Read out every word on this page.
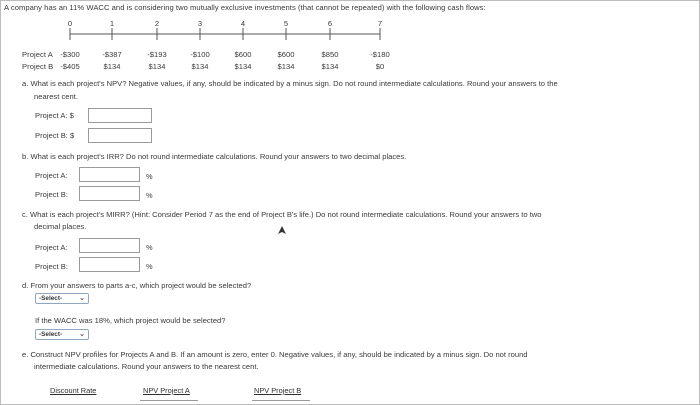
A company has an 11% WACC and is considering two mutually exclusive investments (that cannot be repeated) with the following cash flows:
0	1	2	3	4	5	6	7
Project A -$300	-$387	-$193	-$100	$600	$600	$850	-$180
Project B -$405	$134	$134	$134	$134	$134	$134	$0
a. What is each project's NPV? Negative values, if any, should be indicated by a minus sign. Do not round intermediate calculations. Round your answers to the
nearest cent.
Project A: $
Project B: $
b. What is each project's IRR? Do not round intermediate calculations. Round your answers to two decimal places.
Project A:	%
Project B:	%
c. What is each project's MIRR? (Hint: Consider Period 7 as the end of Project B's life.) Do not round intermediate calculations. Round your answers to two
decimal places.
Project A:	%
Project B:	%
d. From your answers to parts a-c, which project would be selected?
-Select- ⌄
If the WACC was 18%, which project would be selected?
-Select- ⌄
e. Construct NPV profiles for Projects A and B. If an amount is zero, enter 0. Negative values, if any, should be indicated by a minus sign. Do not round
intermediate calculations. Round your answers to the nearest cent.
Discount Rate	NPV Project A	NPV Project B
